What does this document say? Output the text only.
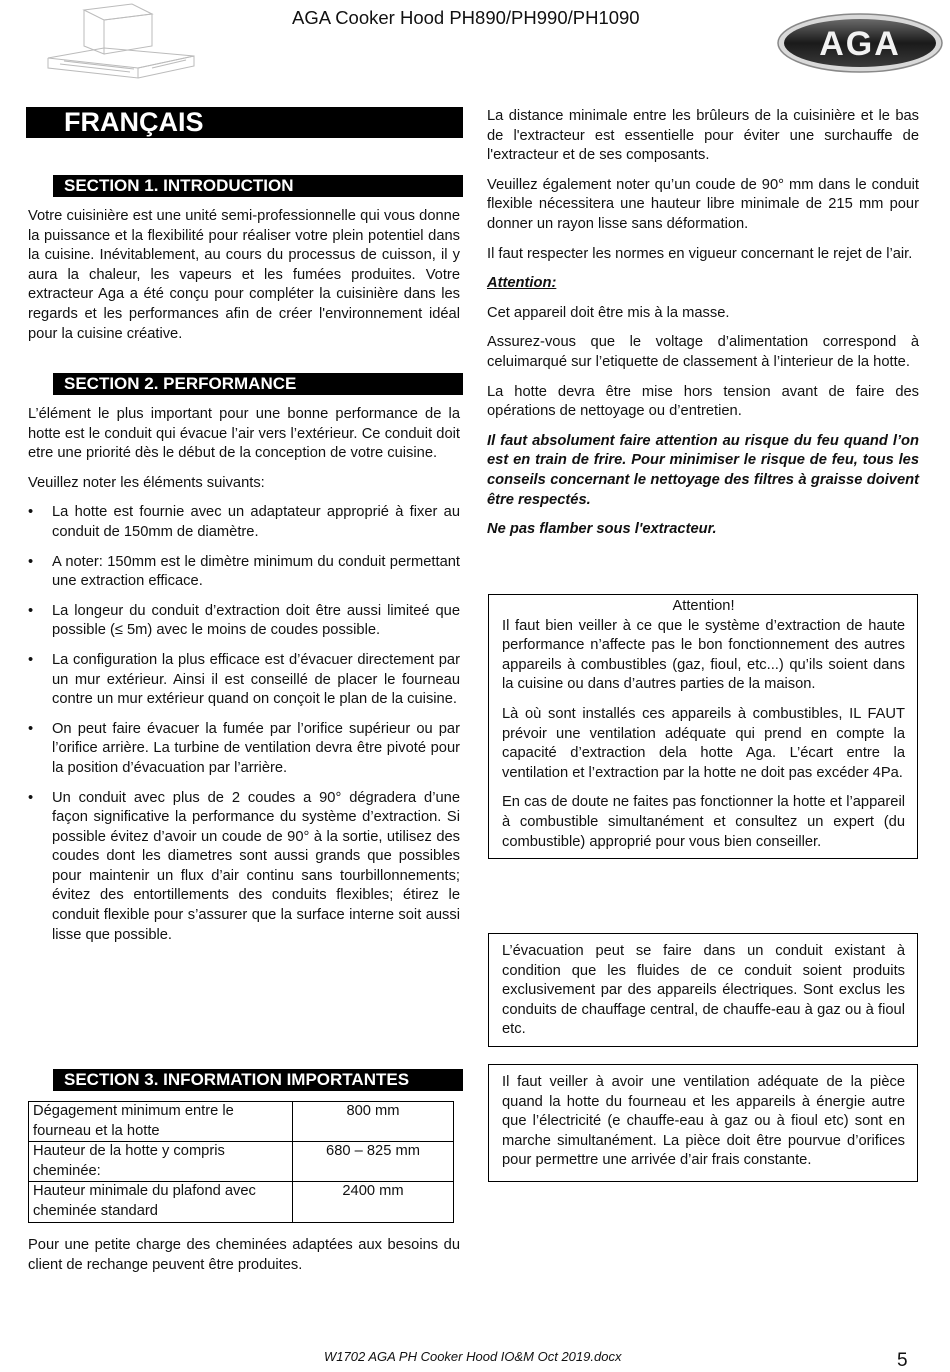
AGA Cooker Hood PH890/PH990/PH1090
AGA
FRANÇAIS
SECTION 1. INTRODUCTION

Votre cuisinière est une unité semi-professionnelle qui vous donne la puissance et la flexibilité pour réaliser votre plein potentiel dans la cuisine. Inévitablement, au cours du processus de cuisson, il y aura la chaleur, les vapeurs et les fumées produites. Votre extracteur Aga a été conçu pour compléter la cuisinière dans les regards et les performances afin de créer l'environnement idéal pour la cuisine créative.

SECTION 2. PERFORMANCE

L’élément le plus important pour une bonne performance de la hotte est le conduit qui évacue l’air vers l’extérieur. Ce conduit doit etre une priorité dès le début de la conception de votre cuisine.

Veuillez noter les éléments suivants:

• La hotte est fournie avec un adaptateur approprié à fixer au conduit de 150mm de diamètre.
• A noter: 150mm est le dimètre minimum du conduit permettant une extraction efficace.
• La longeur du conduit d’extraction doit être aussi limiteé que possible (≤ 5m) avec le moins de coudes possible.
• La configuration la plus efficace est d’évacuer directement par un mur extérieur. Ainsi il est conseillé de placer le fourneau contre un mur extérieur quand on conçoit le plan de la cuisine.
• On peut faire évacuer la fumée par l’orifice supérieur ou par l’orifice arrière. La turbine de ventilation devra être pivoté pour la position d’évacuation par l’arrière.
• Un conduit avec plus de 2 coudes a 90° dégradera d’une façon significative la performance du système d’extraction. Si possible évitez d’avoir un coude de 90° à la sortie, utilisez des coudes dont les diametres sont aussi grands que possibles pour maintenir un flux d’air continu sans tourbillonnements; évitez des entortillements des conduits flexibles; étirez le conduit flexible pour s’assurer que la surface interne soit aussi lisse que possible.
SECTION 3. INFORMATION IMPORTANTES
Dégagement minimum entre le fourneau et la hotte	800 mm
Hauteur de la hotte y compris cheminée:	680 – 825 mm
Hauteur minimale du plafond avec cheminée standard	2400 mm
Pour une petite charge des cheminées adaptées aux besoins du client de rechange peuvent être produites.

La distance minimale entre les brûleurs de la cuisinière et le bas de l'extracteur est essentielle pour éviter une surchauffe de l'extracteur et de ses composants.

Veuillez également noter qu’un coude de 90° mm dans le conduit flexible nécessitera une hauteur libre minimale de 215 mm pour donner un rayon lisse sans déformation.

Il faut respecter les normes en vigueur concernant le rejet de l’air.

Attention:

Cet appareil doit être mis à la masse.

Assurez-vous que le voltage d’alimentation correspond à celuimarqué sur l’etiquette de classement à l’interieur de la hotte.

La hotte devra être mise hors tension avant de faire des opérations de nettoyage ou d’entretien.

Il faut absolument faire attention au risque du feu quand l’on est en train de frire. Pour minimiser le risque de feu, tous les conseils concernant le nettoyage des filtres à graisse doivent être respectés.

Ne pas flamber sous l'extracteur.

Attention!

Il faut bien veiller à ce que le système d’extraction de haute performance n’affecte pas le bon fonctionnement des autres appareils à combustibles (gaz, fioul, etc...) qu’ils soient dans la cuisine ou dans d’autres parties de la maison.

Là où sont installés ces appareils à combustibles, IL FAUT prévoir une ventilation adéquate qui prend en compte la capacité d’extraction dela hotte Aga. L’écart entre la ventilation et l’extraction par la hotte ne doit pas excéder 4Pa.

En cas de doute ne faites pas fonctionner la hotte et l’appareil à combustible simultanément et consultez un expert (du combustible) approprié pour vous bien conseiller.

L’évacuation peut se faire dans un conduit existant à condition que les fluides de ce conduit soient produits exclusivement par des appareils électriques. Sont exclus les conduits de chauffage central, de chauffe-eau à gaz ou à fioul etc.

Il faut veiller à avoir une ventilation adéquate de la pièce quand la hotte du fourneau et les appareils à énergie autre que l’électricité (e chauffe-eau à gaz ou à fioul etc) sont en marche simultanément. La pièce doit être pourvue d’orifices pour permettre une arrivée d’air frais constante.

W1702 AGA PH Cooker Hood IO&M Oct 2019.docx	5
